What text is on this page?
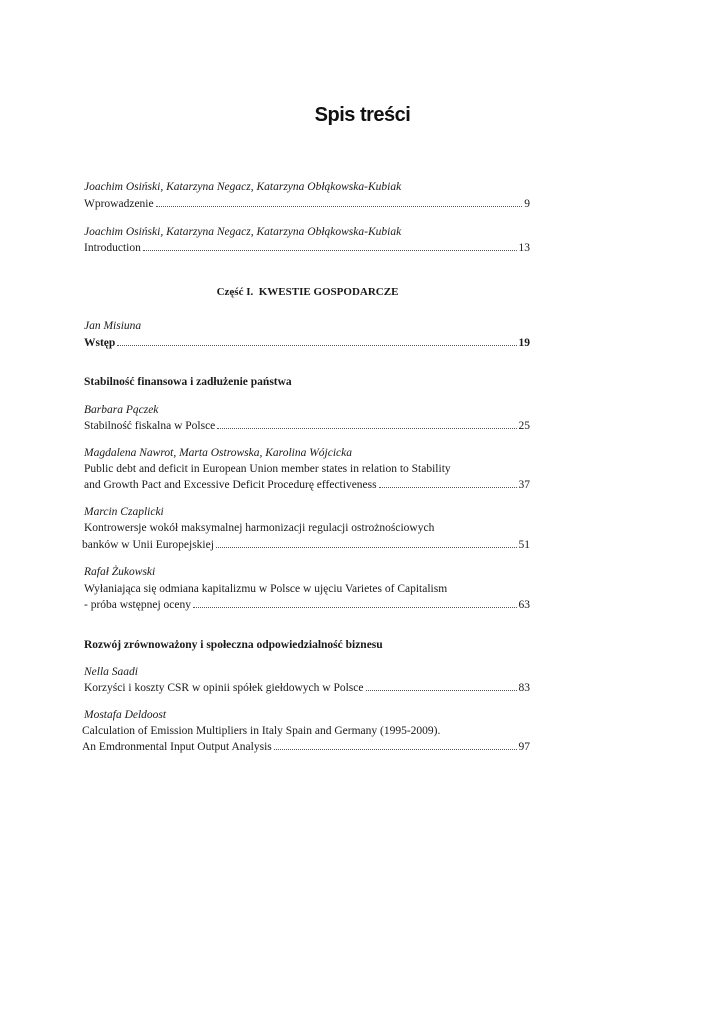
Spis treści
Joachim Osiński, Katarzyna Negacz, Katarzyna Obłąkowska-Kubiak
Wprowadzenie	9
Joachim Osiński, Katarzyna Negacz, Katarzyna Obłąkowska-Kubiak
Introduction	13
Część I. KWESTIE GOSPODARCZE
Jan Misiuna
Wstęp	19
Stabilność finansowa i zadłużenie państwa
Barbara Pączek
Stabilność fiskalna w Polsce	25
Magdalena Nawrot, Marta Ostrowska, Karolina Wójcicka
Public debt and deficit in European Union member states in relation to Stability
and Growth Pact and Excessive Deficit Procedurę effectiveness	37
Marcin Czaplicki
Kontrowersje wokół maksymalnej harmonizacji regulacji ostrożnościowych
banków w Unii Europejskiej	51
Rafał Żukowski
Wyłaniająca się odmiana kapitalizmu w Polsce w ujęciu Varietes of Capitalism
- próba wstępnej oceny	63
Rozwój zrównoważony i społeczna odpowiedzialność biznesu
Nella Saadi
Korzyści i koszty CSR w opinii spółek giełdowych w Polsce	83
Mostafa Deldoost
Calculation of Emission Multipliers in Italy Spain and Germany (1995-2009).
An Emdronmental Input Output Analysis	97
